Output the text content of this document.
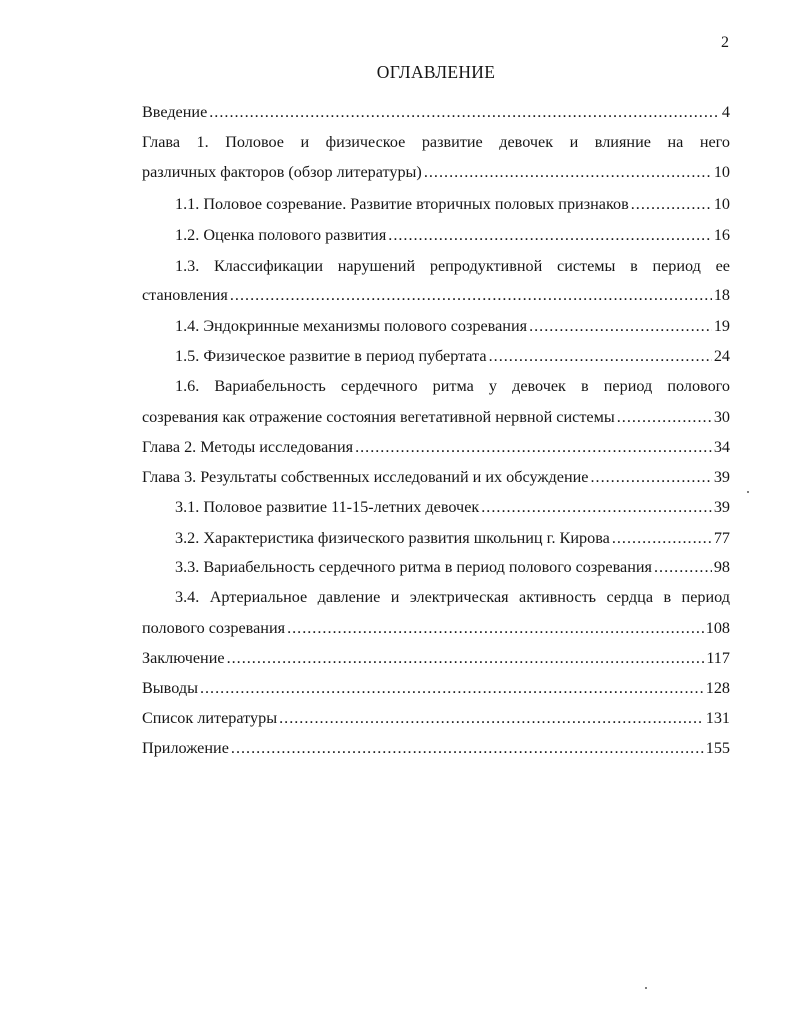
2
ОГЛАВЛЕНИЕ
Введение .....	4
Глава 1. Половое и физическое развитие девочек и влияние на него
различных факторов (обзор литературы) .....	10
1.1. Половое созревание. Развитие вторичных половых признаков .....	10
1.2. Оценка полового развития .....	16
1.3. Классификации нарушений репродуктивной системы в период ее
становления .....	18
1.4. Эндокринные механизмы полового созревания .....	19
1.5. Физическое развитие в период пубертата .....	24
1.6. Вариабельность сердечного ритма у девочек в период полового
созревания как отражение состояния вегетативной нервной системы .....	30
Глава 2. Методы исследования .....	34
Глава 3. Результаты собственных исследований и их обсуждение .....	39
3.1. Половое развитие 11-15-летних девочек .....	39
3.2. Характеристика физического развития школьниц г. Кирова .....	77
3.3. Вариабельность сердечного ритма в период полового созревания .....	98
3.4. Артериальное давление и электрическая активность сердца в период
полового созревания .....	108
Заключение .....	117
Выводы .....	128
Список литературы .....	131
Приложение .....	155
